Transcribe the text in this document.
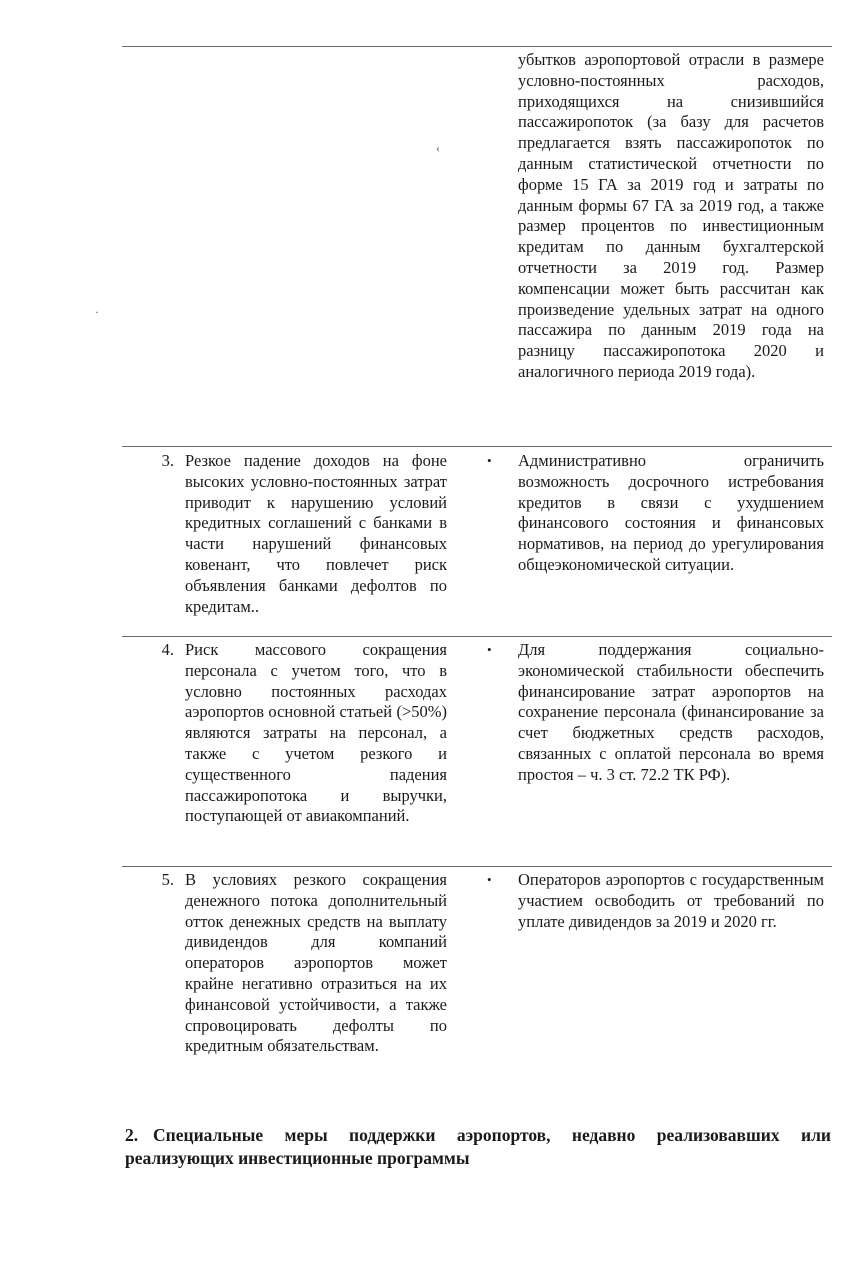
‹
·

убытков аэропортовой отрасли в размере условно-постоянных расходов, приходящихся на снизившийся пассажиропоток (за базу для расчетов предлагается взять пассажиропоток по данным статистической отчетности по форме 15 ГА за 2019 год и затраты по данным формы 67 ГА за 2019 год, а также размер процентов по инвестиционным кредитам по данным бухгалтерской отчетности за 2019 год. Размер компенсации может быть рассчитан как произведение удельных затрат на одного пассажира по данным 2019 года на разницу пассажиропотока 2020 и аналогичного периода 2019 года).

3. Резкое падение доходов на фоне высоких условно-постоянных затрат приводит к нарушению условий кредитных соглашений с банками в части нарушений финансовых ковенант, что повлечет риск объявления банками дефолтов по кредитам..

• Административно ограничить возможность досрочного истребования кредитов в связи с ухудшением финансового состояния и финансовых нормативов, на период до урегулирования общеэкономической ситуации.

4. Риск массового сокращения персонала с учетом того, что в условно постоянных расходах аэропортов основной статьей (>50%) являются затраты на персонал, а также с учетом резкого и существенного падения пассажиропотока и выручки, поступающей от авиакомпаний.

• Для поддержания социально-экономической стабильности обеспечить финансирование затрат аэропортов на сохранение персонала (финансирование за счет бюджетных средств расходов, связанных с оплатой персонала во время простоя – ч. 3 ст. 72.2 ТК РФ).

5. В условиях резкого сокращения денежного потока дополнительный отток денежных средств на выплату дивидендов для компаний операторов аэропортов может крайне негативно отразиться на их финансовой устойчивости, а также спровоцировать дефолты по кредитным обязательствам.

• Операторов аэропортов с государственным участием освободить от требований по уплате дивидендов за 2019 и 2020 гг.

2. Специальные меры поддержки аэропортов, недавно реализовавших или реализующих инвестиционные программы
